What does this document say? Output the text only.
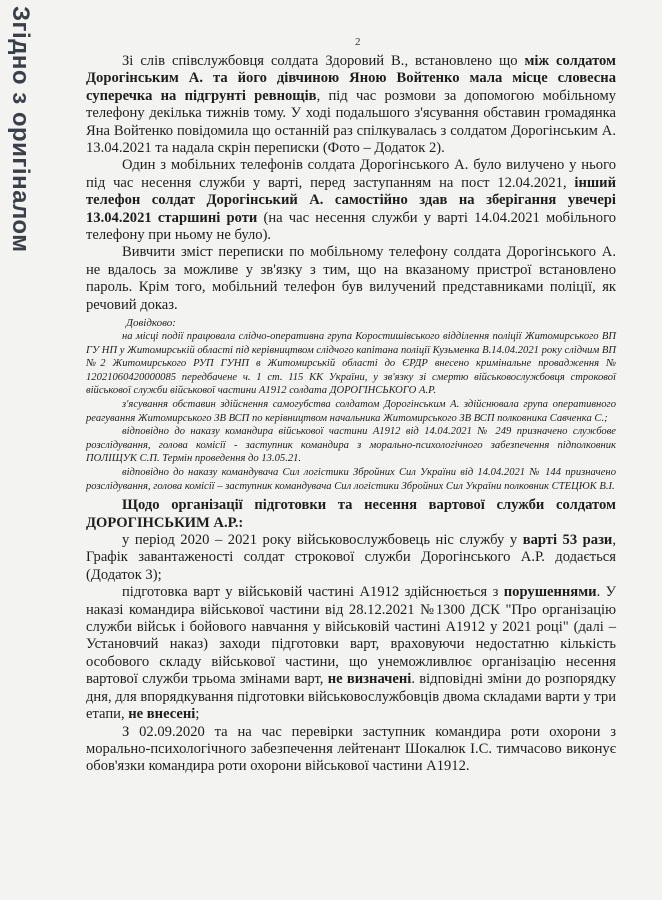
Згідно з оригіналом	2

Зі слів співслужбовця солдата Здоровий В., встановлено що між солдатом Дорогінським А. та його дівчиною Яною Войтенко мала місце словесна суперечка на підгрунті ревнощів, під час розмови за допомогою мобільному телефону декілька тижнів тому. У ході подальшого з'ясування обставин громадянка Яна Войтенко повідомила що останній раз спілкувалась з солдатом Дорогінським А. 13.04.2021 та надала скрін переписки (Фото – Додаток 2).

Один з мобільних телефонів солдата Дорогінського А. було вилучено у нього під час несення служби у варті, перед заступанням на пост 12.04.2021, інший телефон солдат Дорогінський А. самостійно здав на зберігання увечері 13.04.2021 старшині роти (на час несення служби у варті 14.04.2021 мобільного телефону при ньому не було).

Вивчити зміст переписки по мобільному телефону солдата Дорогінського А. не вдалось за можливе у зв'язку з тим, що на вказаному пристрої встановлено пароль. Крім того, мобільний телефон був вилучений представниками поліції, як речовий доказ.

Довідково:

на місці події працювала слідчо-оперативна група Коростишівського відділення поліції Житомирського ВП ГУ НП у Житомирській області під керівництвом слідчого капітана поліції Кузьменка В.14.04.2021 року слідчим ВП №2 Житомирського РУП ГУНП в Житомирській області до ЄРДР внесено кримінальне провадження № 12021060420000085 передбачене ч. 1 ст. 115 КК України, у зв'язку зі смертю військовослужбовця строкової військової служби військової частини А1912 солдата ДОРОГІНСЬКОГО А.Р.

з'ясування обставин здійснення самогубства солдатом Дорогінським А. здійснювала група оперативного реагування Житомирського ЗВ ВСП по керівництвом начальника Житомирського ЗВ ВСП полковника Савченка С.;

відповідно до наказу командира військової частини А1912 від 14.04.2021 № 249 призначено службове розслідування, голова комісії - заступник командира з морально-психологічного забезпечення підполковник ПОЛІЩУК С.П. Термін проведення до 13.05.21.

відповідно до наказу командувача Сил логістики Збройних Сил України від 14.04.2021 № 144 призначено розслідування, голова комісії – заступник командувача Сил логістики Збройних Сил України полковник СТЕЦЮК В.І.

Щодо організації підготовки та несення вартової служби солдатом ДОРОГІНСЬКИМ А.Р.:

у період 2020 – 2021 року військовослужбовець ніс службу у варті 53 рази, Графік завантаженості солдат строкової служби Дорогінського А.Р. додається (Додаток 3);

підготовка варт у військовій частині А1912 здійснюється з порушеннями. У наказі командира військової частини від 28.12.2021 №1300 ДСК "Про організацію служби військ і бойового навчання у військовій частині А1912 у 2021 році" (далі – Установчий наказ) заходи підготовки варт, враховуючи недостатню кількість особового складу військової частини, що унеможливлює організацію несення вартової служби трьома змінами варт, не визначені. відповідні зміни до розпорядку дня, для впорядкування підготовки військовослужбовців двома складами варти у три етапи, не внесені;

З 02.09.2020 та на час перевірки заступник командира роти охорони з морально-психологічного забезпечення лейтенант Шокалюк І.С. тимчасово виконує обов'язки командира роти охорони військової частини А1912.
